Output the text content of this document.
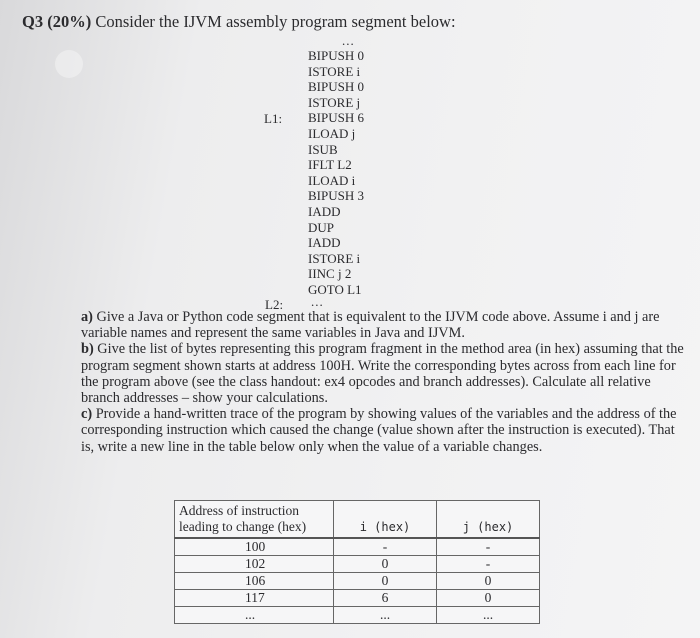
Q3 (20%) Consider the IJVM assembly program segment below:
...
L1:
BIPUSH 0
ISTORE i
BIPUSH 0
ISTORE j
BIPUSH 6
ILOAD j
ISUB
IFLT L2
ILOAD i
BIPUSH 3
IADD
DUP
IADD
ISTORE i
IINC j 2
GOTO L1
L2: ...

a) Give a Java or Python code segment that is equivalent to the IJVM code above. Assume i and j are variable names and represent the same variables in Java and IJVM.

b) Give the list of bytes representing this program fragment in the method area (in hex) assuming that the program segment shown starts at address 100H. Write the corresponding bytes across from each line for the program above (see the class handout: ex4 opcodes and branch addresses). Calculate all relative branch addresses – show your calculations.

c) Provide a hand-written trace of the program by showing values of the variables and the address of the corresponding instruction which caused the change (value shown after the instruction is executed). That is, write a new line in the table below only when the value of a variable changes.

Address of instruction leading to change (hex)	i (hex)	j (hex)
100	-	-
102	0	-
106	0	0
117	6	0
...	...	...
